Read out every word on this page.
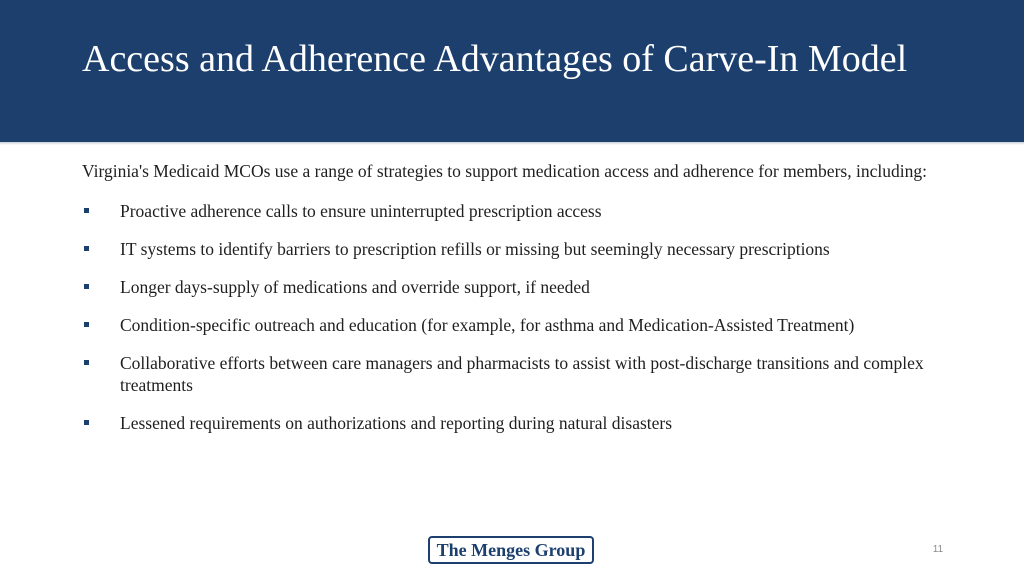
Access and Adherence Advantages of Carve-In Model

Virginia's Medicaid MCOs use a range of strategies to support medication access and adherence for members, including:

Proactive adherence calls to ensure uninterrupted prescription access
IT systems to identify barriers to prescription refills or missing but seemingly necessary prescriptions
Longer days-supply of medications and override support, if needed
Condition-specific outreach and education (for example, for asthma and Medication-Assisted Treatment)
Collaborative efforts between care managers and pharmacists to assist with post-discharge transitions and complex treatments
Lessened requirements on authorizations and reporting during natural disasters
The Menges Group	11
